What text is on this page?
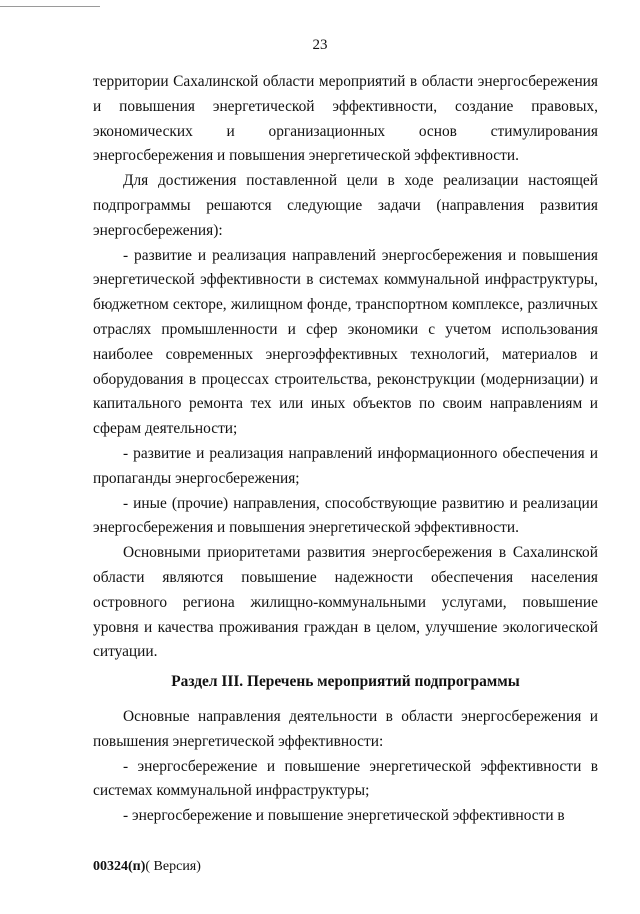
23

территории Сахалинской области мероприятий в области энергосбережения и повышения энергетической эффективности, создание правовых, экономических и организационных основ стимулирования энергосбережения и повышения энергетической эффективности.

Для достижения поставленной цели в ходе реализации настоящей подпрограммы решаются следующие задачи (направления развития энергосбережения):

- развитие и реализация направлений энергосбережения и повышения энергетической эффективности в системах коммунальной инфраструктуры, бюджетном секторе, жилищном фонде, транспортном комплексе, различных отраслях промышленности и сфер экономики с учетом использования наиболее современных энергоэффективных технологий, материалов и оборудования в процессах строительства, реконструкции (модернизации) и капитального ремонта тех или иных объектов по своим направлениям и сферам деятельности;

- развитие и реализация направлений информационного обеспечения и пропаганды энергосбережения;

- иные (прочие) направления, способствующие развитию и реализации энергосбережения и повышения энергетической эффективности.

Основными приоритетами развития энергосбережения в Сахалинской области являются повышение надежности обеспечения населения островного региона жилищно-коммунальными услугами, повышение уровня и качества проживания граждан в целом, улучшение экологической ситуации.

Раздел III. Перечень мероприятий подпрограммы

Основные направления деятельности в области энергосбережения и повышения энергетической эффективности:

- энергосбережение и повышение энергетической эффективности в системах коммунальной инфраструктуры;

- энергосбережение и повышение энергетической эффективности в

00324(п)( Версия)
